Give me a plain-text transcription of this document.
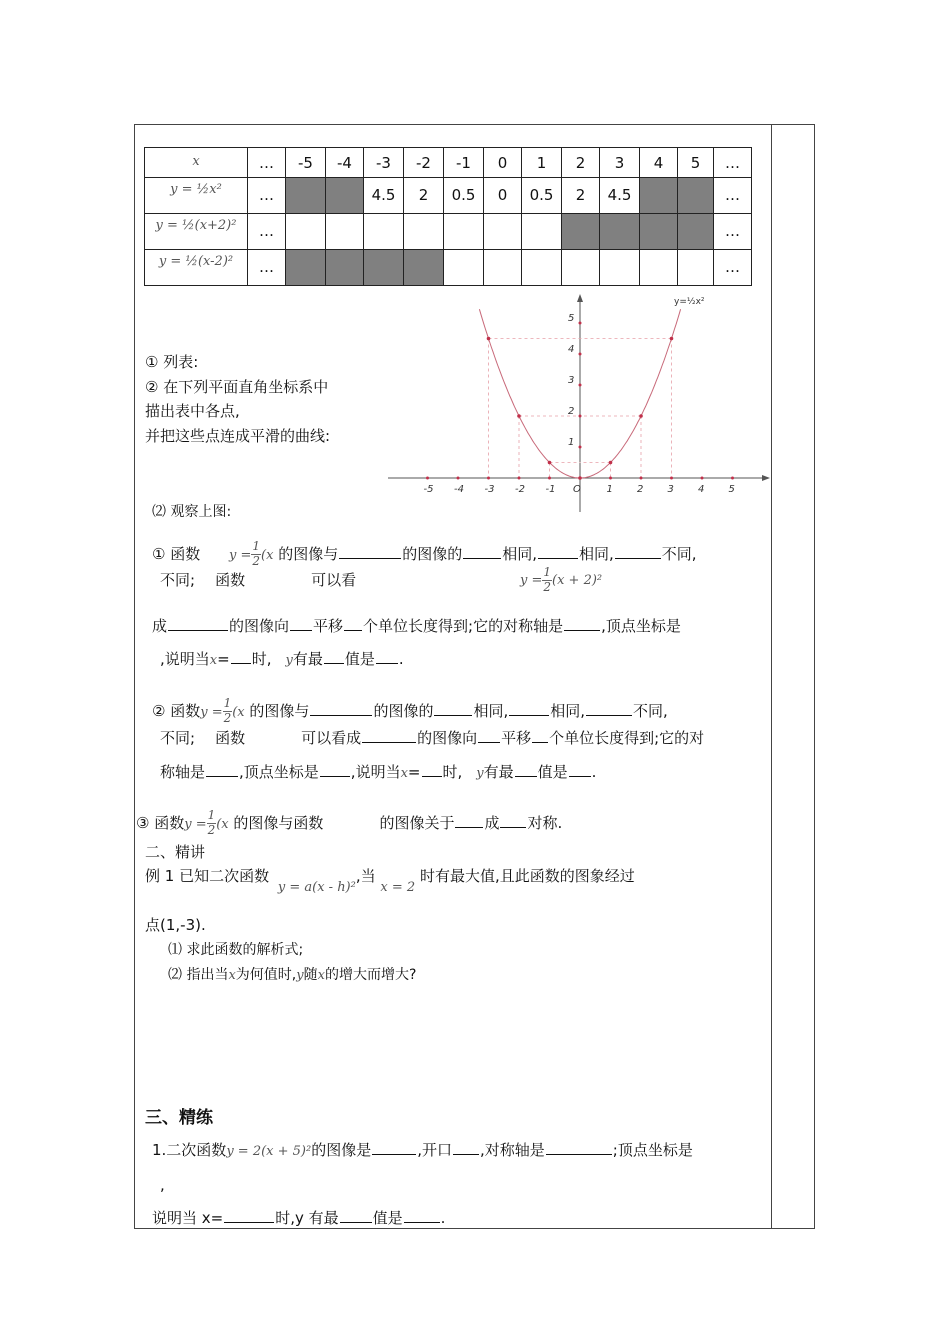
x	…	-5	-4	-3	-2	-1	0	1	2	3	4	5	…
y = ½x²	…			4.5	2	0.5	0	0.5	2	4.5			…
y = ½(x+2)²	…												…
y = ½(x-2)²	…												…
① 列表:
② 在下列平面直角坐标系中
描出表中各点,
并把这些点连成平滑的曲线:
-5 -4 -3 -2 -1 O	1 2 3 4 5
1
2
3
4
5
y=½x²
⑵ 观察上图:
① 函数 $y = \frac{1}{2} (x$ 的图像与	的图像的	相同,	相同,	不同,
不同; 函数	可以看	$y = \frac{1}{2} (x + 2)^2$
成	的图像向 平移 个单位长度得到;它的对称轴是	,顶点坐标是
,说明当x= 时, y有最 值是 .
② 函数$y = \frac{1}{2} (x$ 的图像与	的图像的	相同,	相同,	不同,
不同; 函数	可以看成	的图像向 平移 个单位长度得到;它的对
称轴是 ,顶点坐标是 ,说明当x= 时, y有最 值是 .
③ 函数$y = \frac{1}{2} (x$ 的图像与函数	的图像关于 成 对称.
二、精讲
例 1 已知二次函数 y = a(x - h)²,当 x = 2 时有最大值,且此函数的图象经过
点(1,-3).
⑴ 求此函数的解析式;
⑵ 指出当x为何值时,y随x的增大而增大?
三、精练
1.二次函数y = 2(x + 5)²的图像是	,开口 ,对称轴是	;顶点坐标是
,
说明当 x=	时,y 有最 值是	.
